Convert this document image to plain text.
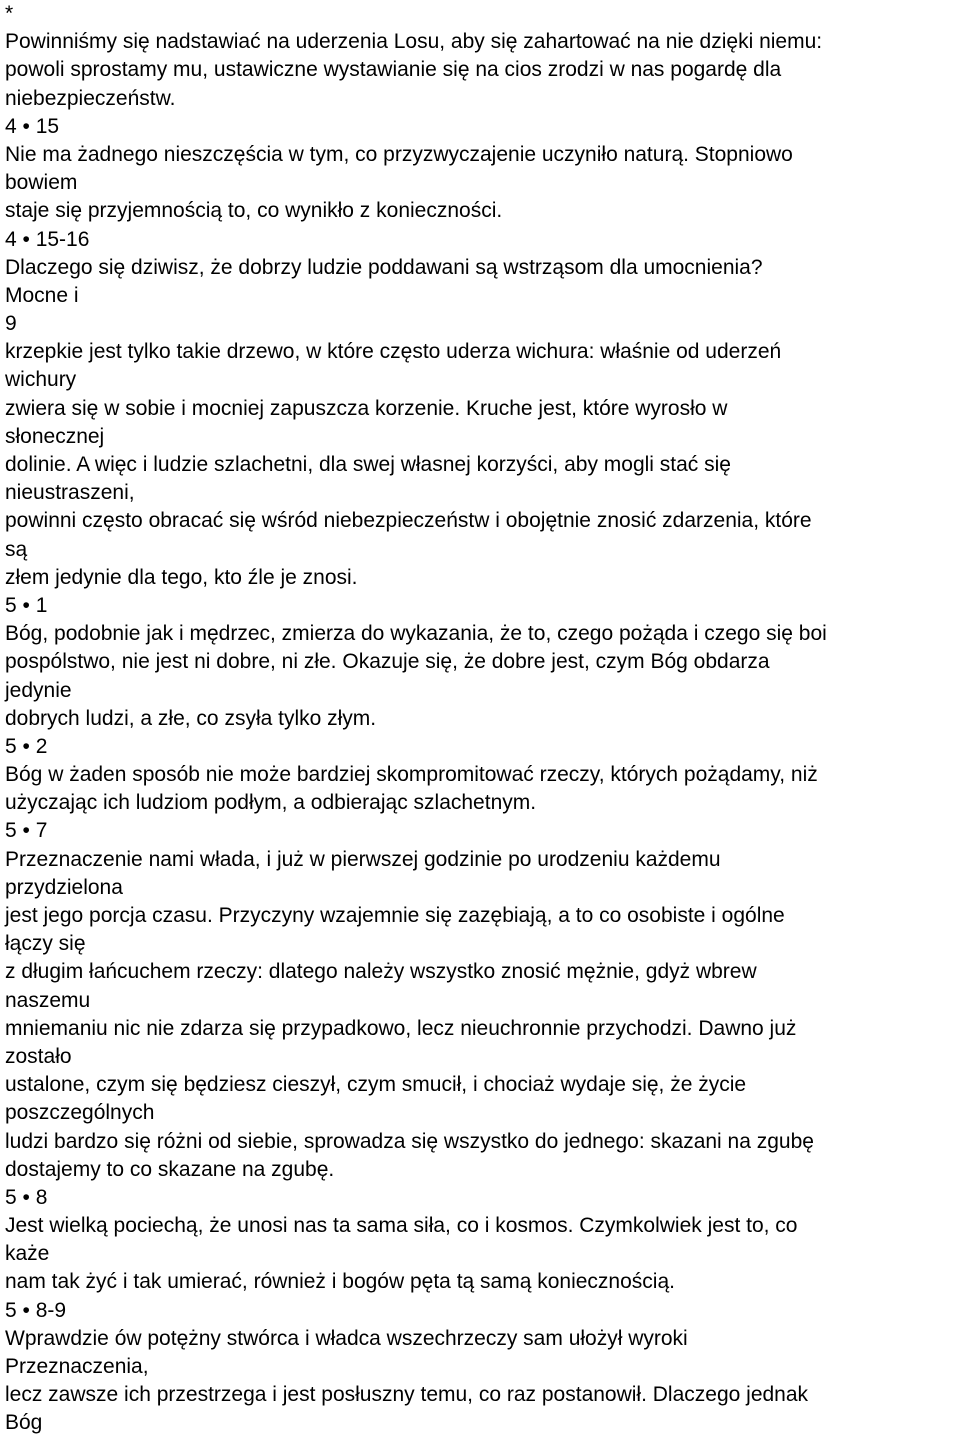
*
Powinniśmy się nadstawiać na uderzenia Losu, aby się zahartować na nie dzięki niemu:
powoli sprostamy mu, ustawiczne wystawianie się na cios zrodzi w nas pogardę dla
niebezpieczeństw.
4 • 15
Nie ma żadnego nieszczęścia w tym, co przyzwyczajenie uczyniło naturą. Stopniowo
bowiem
staje się przyjemnością to, co wynikło z konieczności.
4 • 15-16
Dlaczego się dziwisz, że dobrzy ludzie poddawani są wstrząsom dla umocnienia?
Mocne i
9
krzepkie jest tylko takie drzewo, w które często uderza wichura: właśnie od uderzeń
wichury
zwiera się w sobie i mocniej zapuszcza korzenie. Kruche jest, które wyrosło w
słonecznej
dolinie. A więc i ludzie szlachetni, dla swej własnej korzyści, aby mogli stać się
nieustraszeni,
powinni często obracać się wśród niebezpieczeństw i obojętnie znosić zdarzenia, które
są
złem jedynie dla tego, kto źle je znosi.
5 • 1
Bóg, podobnie jak i mędrzec, zmierza do wykazania, że to, czego pożąda i czego się boi
pospólstwo, nie jest ni dobre, ni złe. Okazuje się, że dobre jest, czym Bóg obdarza
jedynie
dobrych ludzi, a złe, co zsyła tylko złym.
5 • 2
Bóg w żaden sposób nie może bardziej skompromitować rzeczy, których pożądamy, niż
użyczając ich ludziom podłym, a odbierając szlachetnym.
5 • 7
Przeznaczenie nami włada, i już w pierwszej godzinie po urodzeniu każdemu
przydzielona
jest jego porcja czasu. Przyczyny wzajemnie się zazębiają, a to co osobiste i ogólne
łączy się
z długim łańcuchem rzeczy: dlatego należy wszystko znosić mężnie, gdyż wbrew
naszemu
mniemaniu nic nie zdarza się przypadkowo, lecz nieuchronnie przychodzi. Dawno już
zostało
ustalone, czym się będziesz cieszył, czym smucił, i chociaż wydaje się, że życie
poszczególnych
ludzi bardzo się różni od siebie, sprowadza się wszystko do jednego: skazani na zgubę
dostajemy to co skazane na zgubę.
5 • 8
Jest wielką pociechą, że unosi nas ta sama siła, co i kosmos. Czymkolwiek jest to, co
każe
nam tak żyć i tak umierać, również i bogów pęta tą samą koniecznością.
5 • 8-9
Wprawdzie ów potężny stwórca i władca wszechrzeczy sam ułożył wyroki
Przeznaczenia,
lecz zawsze ich przestrzega i jest posłuszny temu, co raz postanowił. Dlaczego jednak
Bóg
